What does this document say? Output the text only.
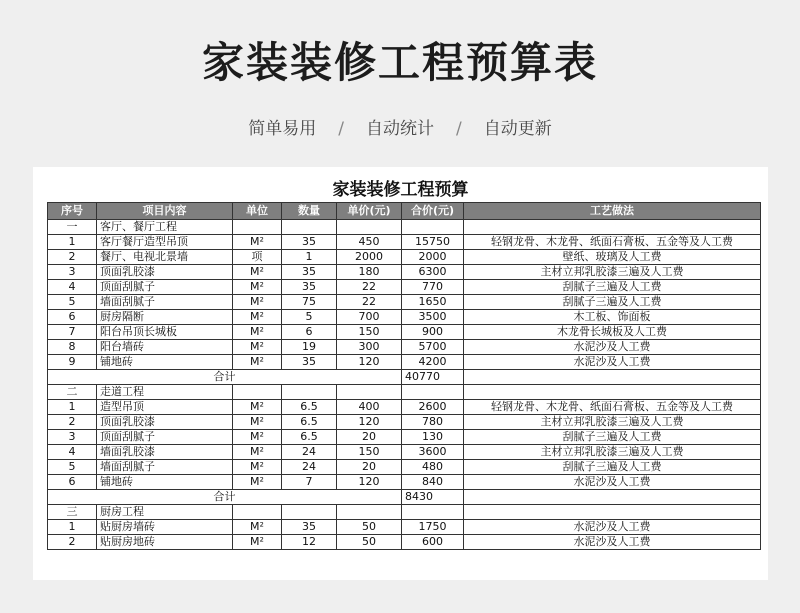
家装装修工程预算表
简单易用 / 自动统计 / 自动更新
家装装修工程预算
序号	项目内容	单位	数量	单价(元)	合价(元)	工艺做法
一	客厅、餐厅工程					
1	客厅餐厅造型吊顶	M²	35	450	15750	轻钢龙骨、木龙骨、纸面石膏板、五金等及人工费
2	餐厅、电视北景墙	项	1	2000	2000	壁纸、玻璃及人工费
3	顶面乳胶漆	M²	35	180	6300	主材立邦乳胶漆三遍及人工费
4	顶面刮腻子	M²	35	22	770	刮腻子三遍及人工费
5	墙面刮腻子	M²	75	22	1650	刮腻子三遍及人工费
6	厨房隔断	M²	5	700	3500	木工板、饰面板
7	阳台吊顶长城板	M²	6	150	900	木龙骨长城板及人工费
8	阳台墙砖	M²	19	300	5700	水泥沙及人工费
9	铺地砖	M²	35	120	4200	水泥沙及人工费
合计					40770	
二	走道工程					
1	造型吊顶	M²	6.5	400	2600	轻钢龙骨、木龙骨、纸面石膏板、五金等及人工费
2	顶面乳胶漆	M²	6.5	120	780	主材立邦乳胶漆三遍及人工费
3	顶面刮腻子	M²	6.5	20	130	刮腻子三遍及人工费
4	墙面乳胶漆	M²	24	150	3600	主材立邦乳胶漆三遍及人工费
5	墙面刮腻子	M²	24	20	480	刮腻子三遍及人工费
6	铺地砖	M²	7	120	840	水泥沙及人工费
合计					8430	
三	厨房工程					
1	贴厨房墙砖	M²	35	50	1750	水泥沙及人工费
2	贴厨房地砖	M²	12	50	600	水泥沙及人工费
